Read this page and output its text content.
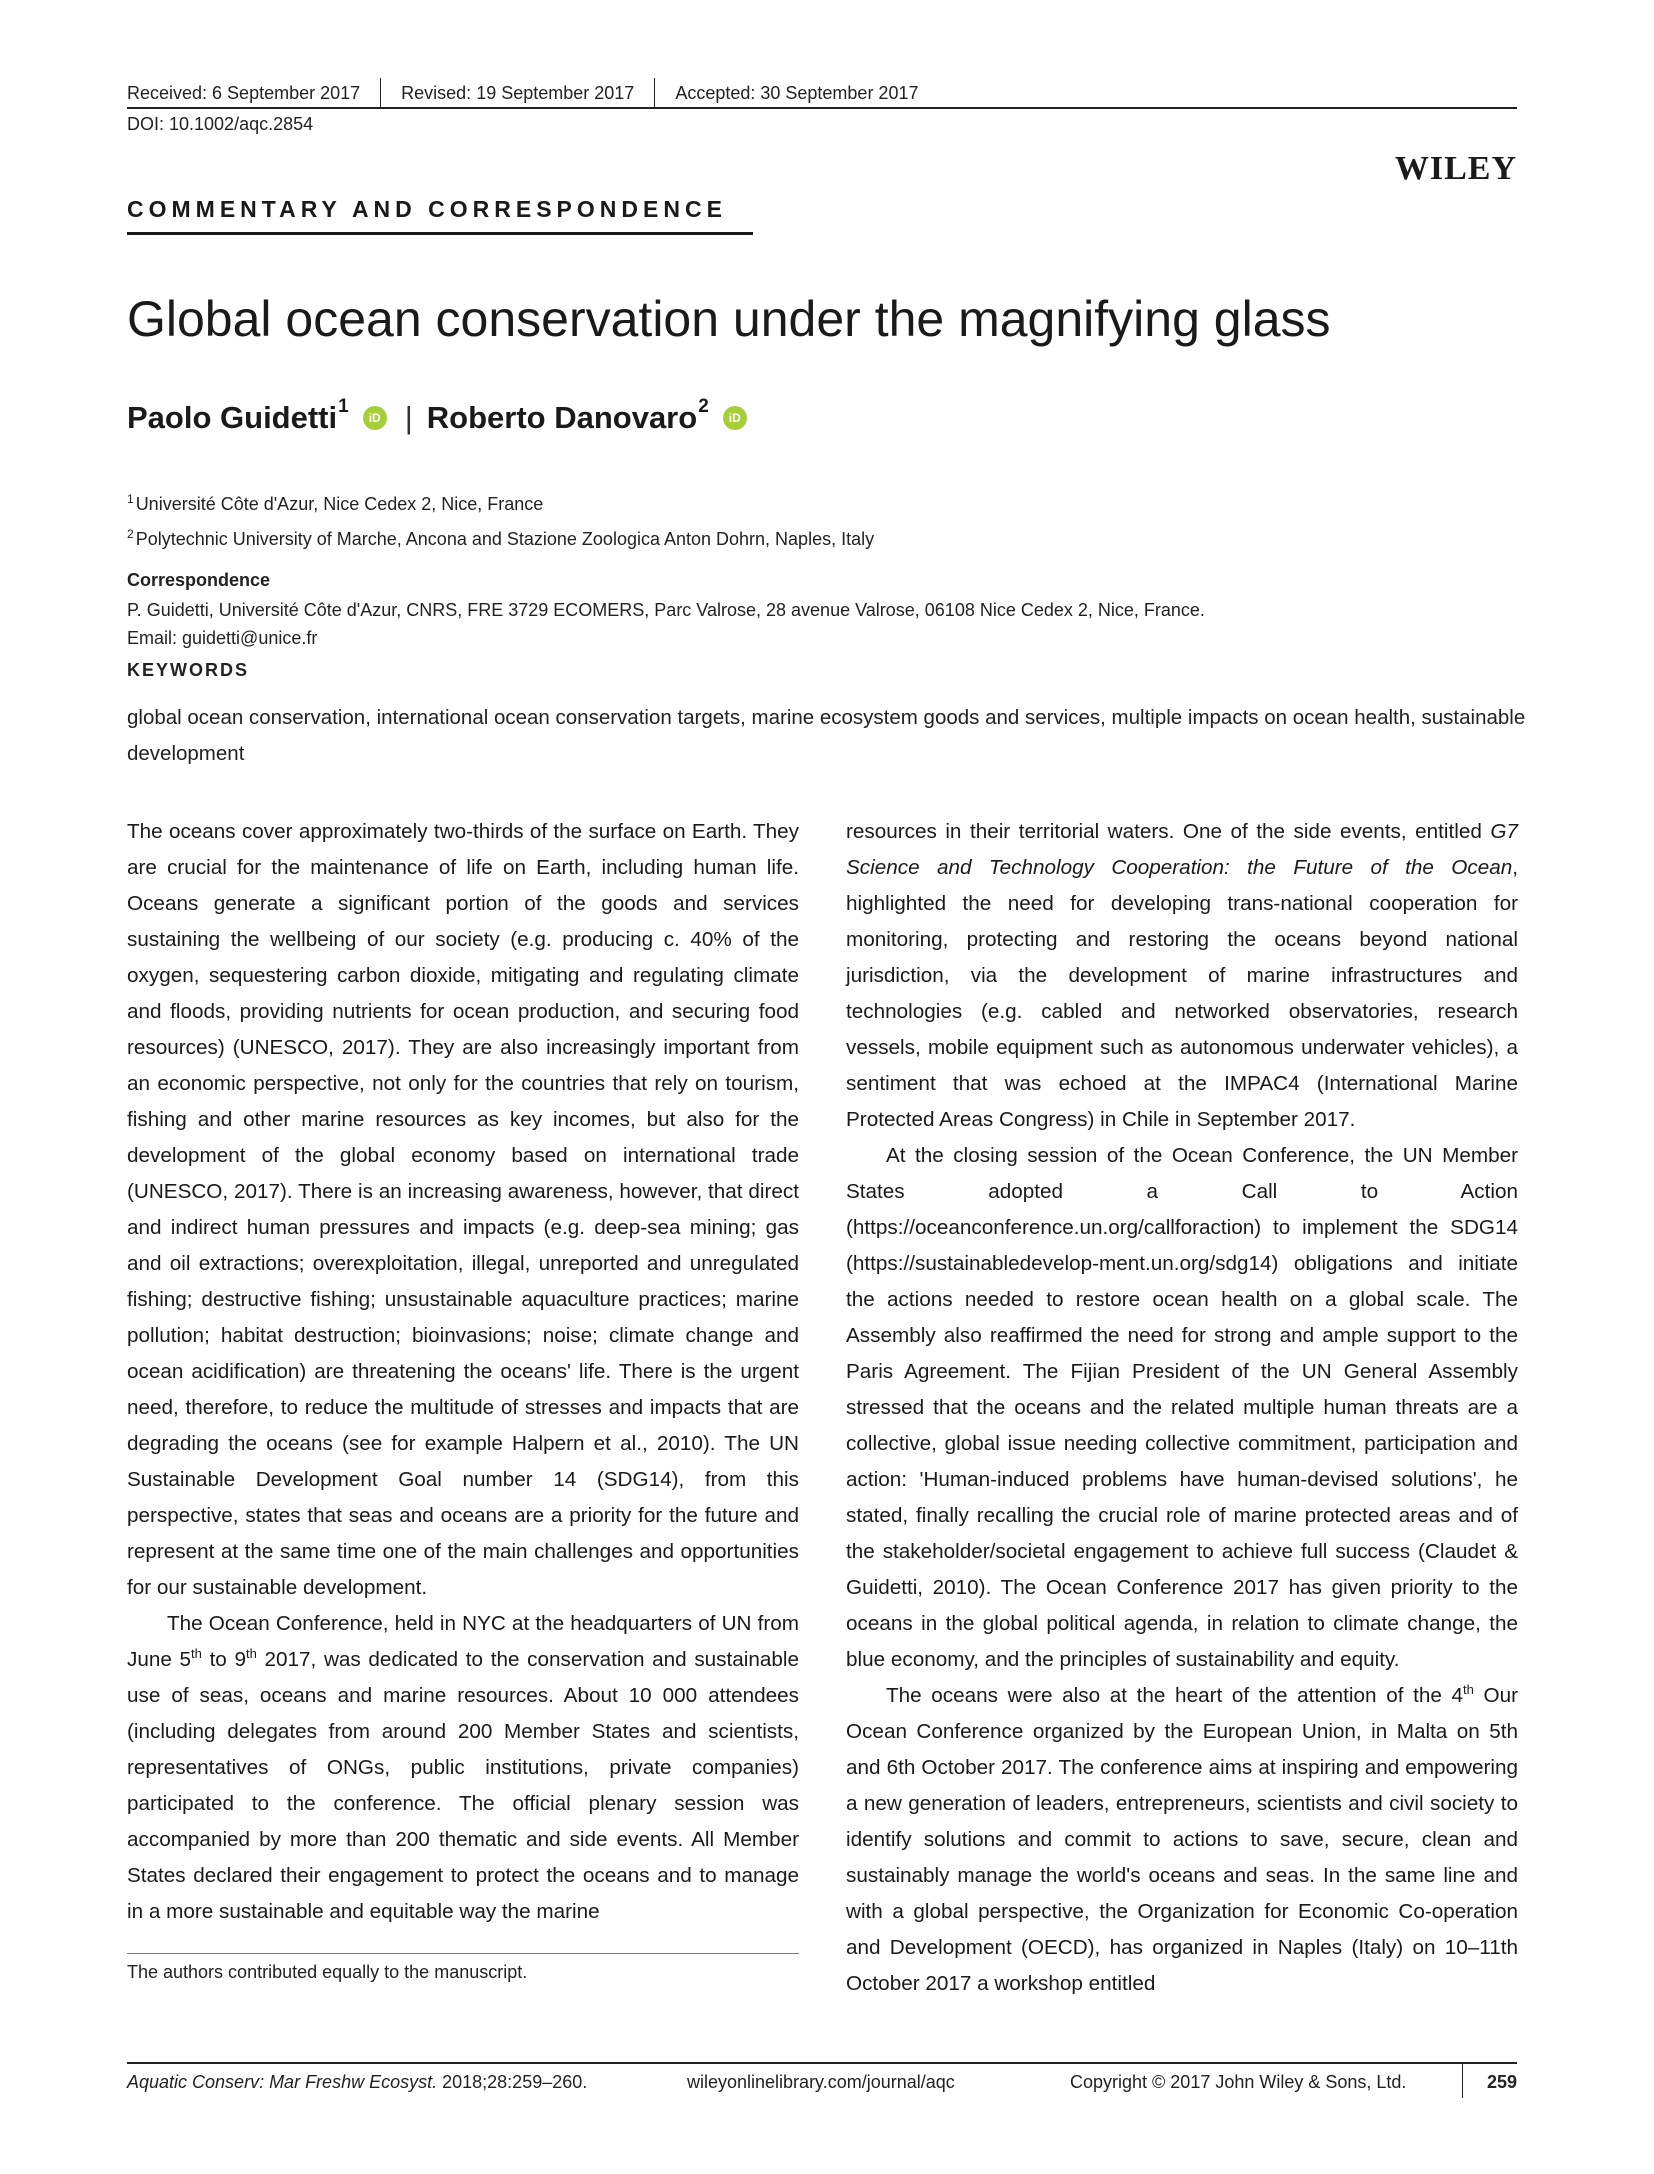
Received: 6 September 2017	Revised: 19 September 2017	Accepted: 30 September 2017
DOI: 10.1002/aqc.2854
WILEY
COMMENTARY AND CORRESPONDENCE
Global ocean conservation under the magnifying glass
Paolo Guidetti$^1$
iD | Roberto Danovaro$^2$
iD
$^1$ Université Côte d'Azur, Nice Cedex 2, Nice, France
$^2$ Polytechnic University of Marche, Ancona and Stazione Zoologica Anton Dohrn, Naples, Italy
Correspondence
P. Guidetti, Université Côte d'Azur, CNRS, FRE 3729 ECOMERS, Parc Valrose, 28 avenue Valrose, 06108 Nice Cedex 2, Nice, France.
Email: guidetti@unice.fr
KEYWORDS
global ocean conservation, international ocean conservation targets, marine ecosystem goods and services, multiple impacts on ocean health, sustainable development

The oceans cover approximately two-thirds of the surface on Earth. They are crucial for the maintenance of life on Earth, including human life. Oceans generate a significant portion of the goods and services sustaining the wellbeing of our society (e.g. producing c. 40% of the oxygen, sequestering carbon dioxide, mitigating and regulating climate and floods, providing nutrients for ocean production, and securing food resources) (UNESCO, 2017). They are also increasingly important from an economic perspective, not only for the countries that rely on tourism, fishing and other marine resources as key incomes, but also for the development of the global economy based on international trade (UNESCO, 2017). There is an increasing awareness, however, that direct and indirect human pressures and impacts (e.g. deep-sea mining; gas and oil extractions; overexploitation, illegal, unreported and unregulated fishing; destructive fishing; unsustainable aquaculture practices; marine pollution; habitat destruction; bioinvasions; noise; climate change and ocean acidification) are threatening the oceans' life. There is the urgent need, therefore, to reduce the multitude of stresses and impacts that are degrading the oceans (see for example Halpern et al., 2010). The UN Sustainable Development Goal number 14 (SDG14), from this perspective, states that seas and oceans are a priority for the future and represent at the same time one of the main challenges and opportunities for our sustainable development.

The Ocean Conference, held in NYC at the headquarters of UN from June 5th to 9th 2017, was dedicated to the conservation and sustainable use of seas, oceans and marine resources. About 10 000 attendees (including delegates from around 200 Member States and scientists, representatives of ONGs, public institutions, private companies) participated to the conference. The official plenary session was accompanied by more than 200 thematic and side events. All Member States declared their engagement to protect the oceans and to manage in a more sustainable and equitable way the marine

resources in their territorial waters. One of the side events, entitled G7 Science and Technology Cooperation: the Future of the Ocean, highlighted the need for developing trans-national cooperation for monitoring, protecting and restoring the oceans beyond national jurisdiction, via the development of marine infrastructures and technologies (e.g. cabled and networked observatories, research vessels, mobile equipment such as autonomous underwater vehicles), a sentiment that was echoed at the IMPAC4 (International Marine Protected Areas Congress) in Chile in September 2017.

At the closing session of the Ocean Conference, the UN Member States adopted a Call to Action (https://oceanconference.un.org/callforaction) to implement the SDG14 (https://sustainabledevelop-ment.un.org/sdg14) obligations and initiate the actions needed to restore ocean health on a global scale. The Assembly also reaffirmed the need for strong and ample support to the Paris Agreement. The Fijian President of the UN General Assembly stressed that the oceans and the related multiple human threats are a collective, global issue needing collective commitment, participation and action: 'Human-induced problems have human-devised solutions', he stated, finally recalling the crucial role of marine protected areas and of the stakeholder/societal engagement to achieve full success (Claudet & Guidetti, 2010). The Ocean Conference 2017 has given priority to the oceans in the global political agenda, in relation to climate change, the blue economy, and the principles of sustainability and equity.

The oceans were also at the heart of the attention of the 4th Our Ocean Conference organized by the European Union, in Malta on 5th and 6th October 2017. The conference aims at inspiring and empowering a new generation of leaders, entrepreneurs, scientists and civil society to identify solutions and commit to actions to save, secure, clean and sustainably manage the world's oceans and seas. In the same line and with a global perspective, the Organization for Economic Co-operation and Development (OECD), has organized in Naples (Italy) on 10–11th October 2017 a workshop entitled

The authors contributed equally to the manuscript.
Aquatic Conserv: Mar Freshw Ecosyst. 2018;28:259–260.	wileyonlinelibrary.com/journal/aqc	Copyright © 2017 John Wiley & Sons, Ltd.	259
